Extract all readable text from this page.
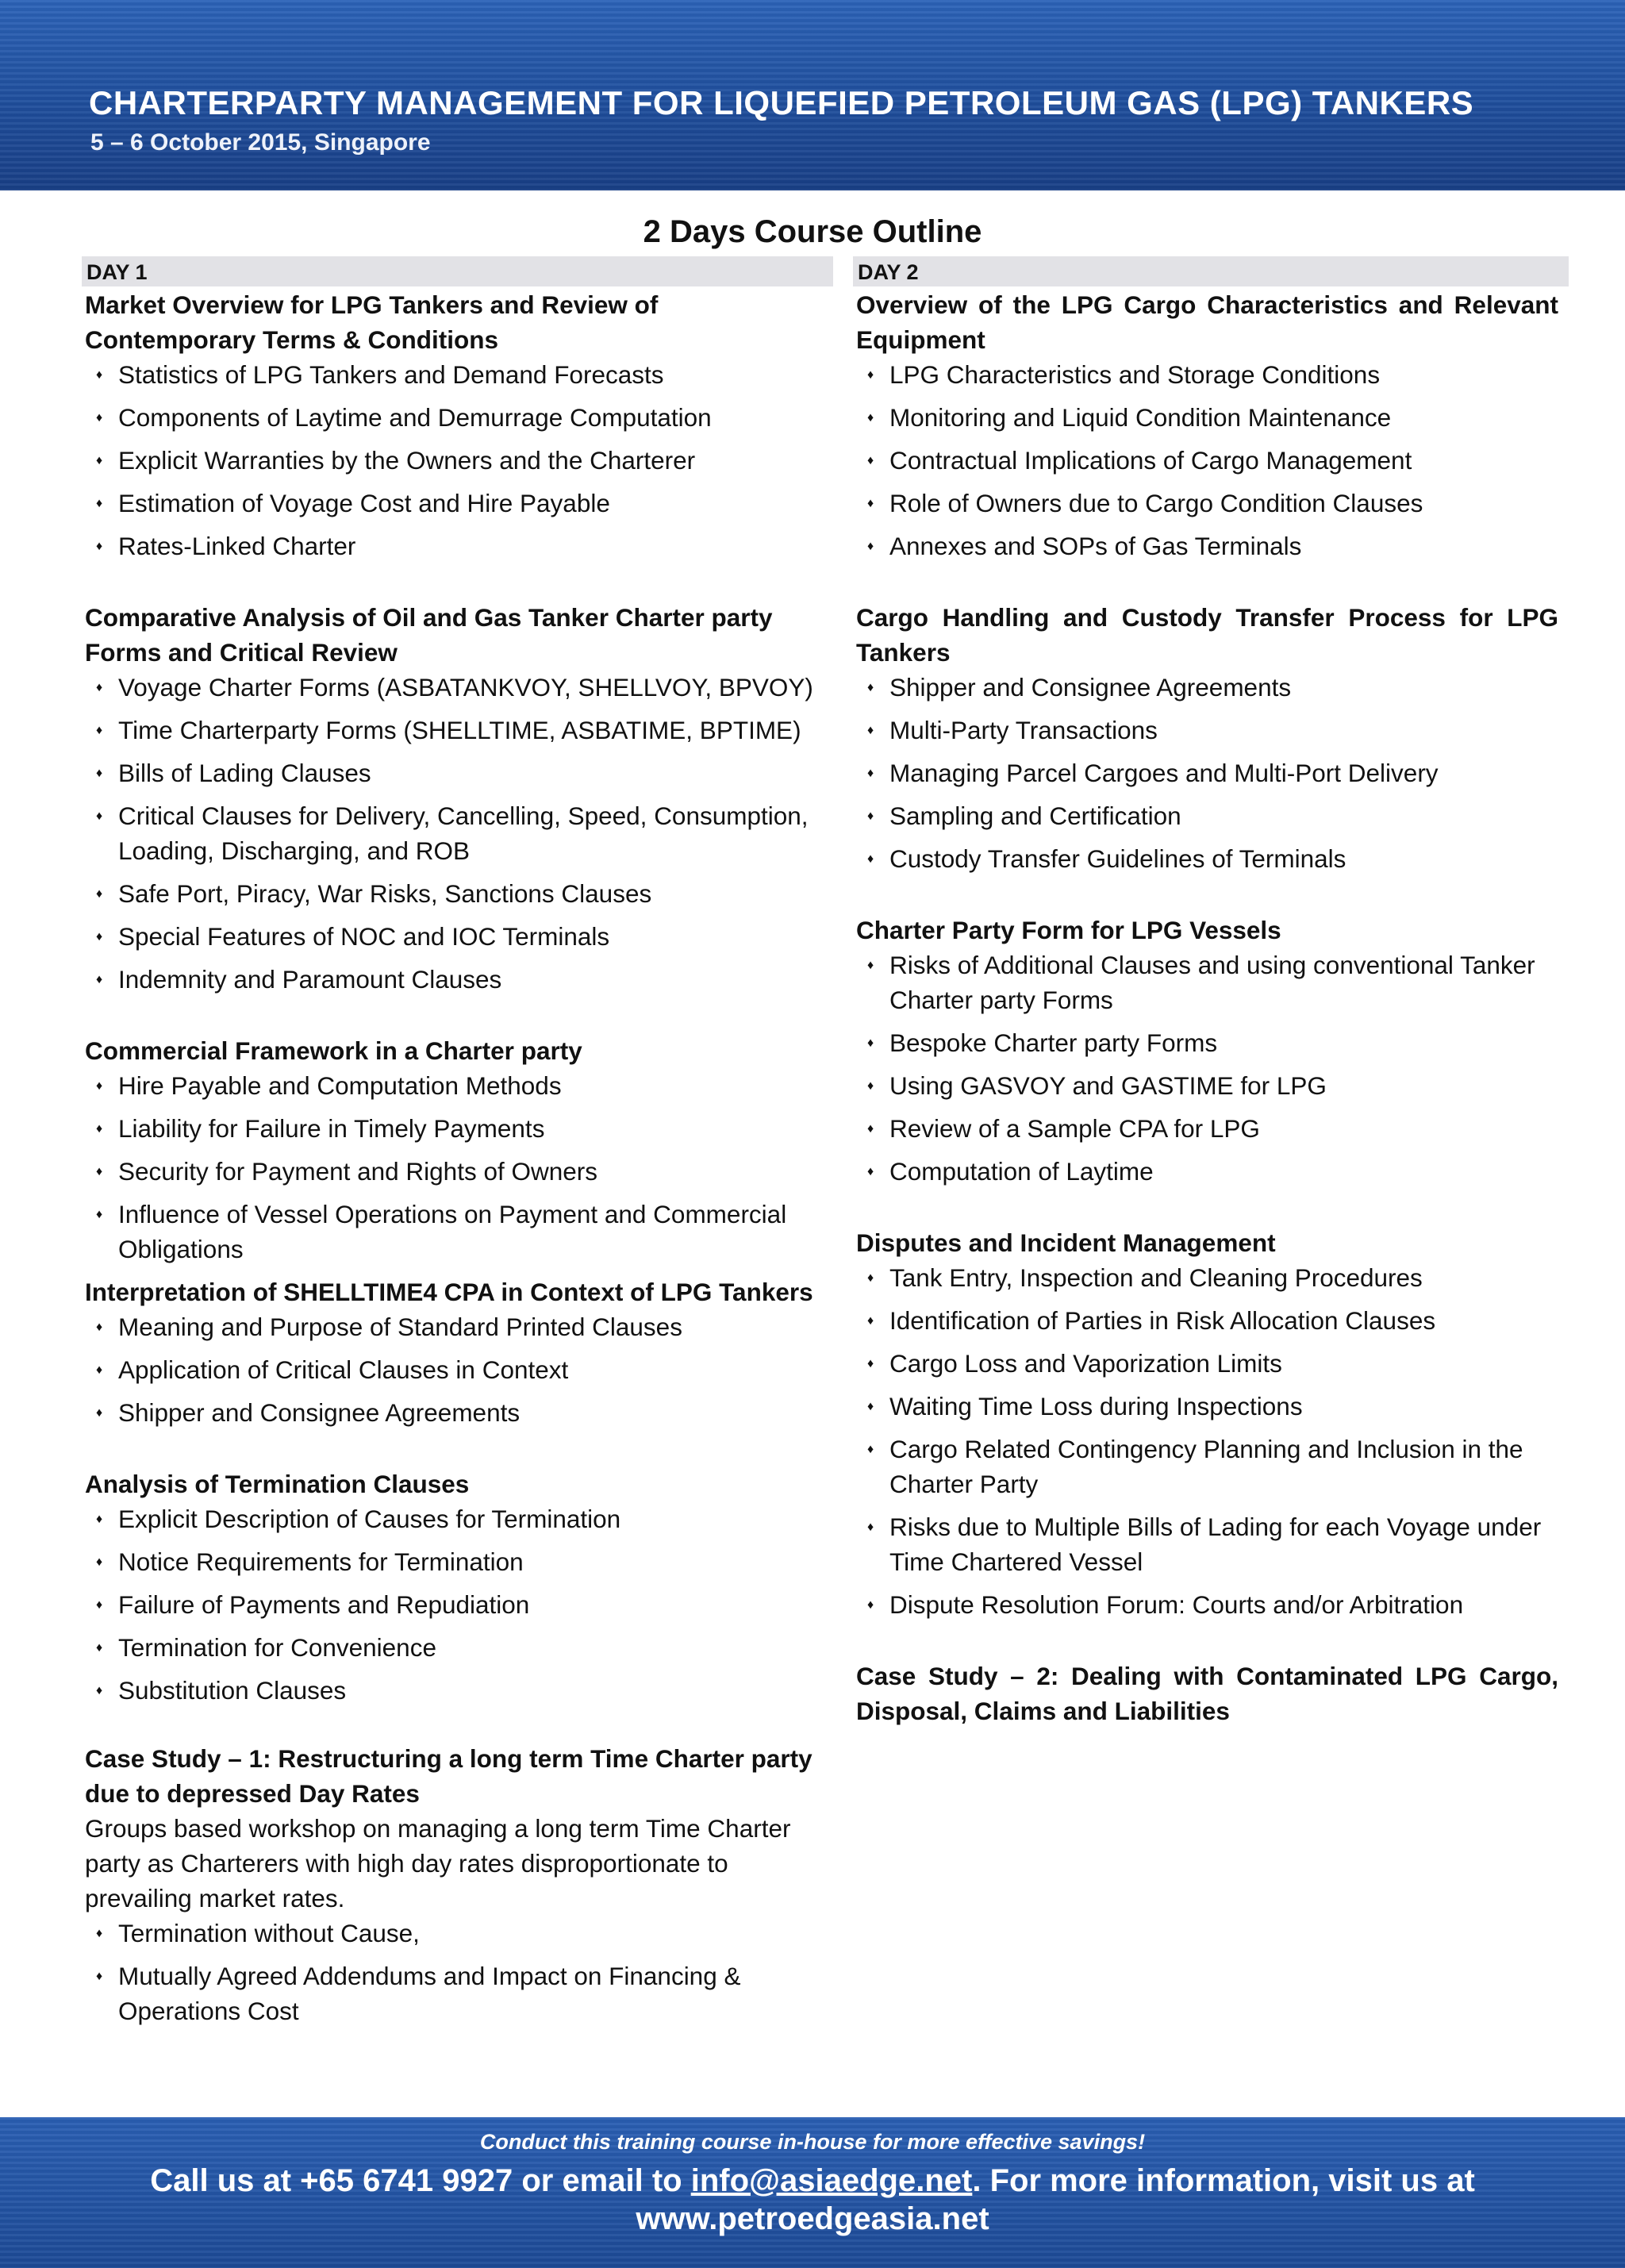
CHARTERPARTY MANAGEMENT FOR LIQUEFIED PETROLEUM GAS (LPG) TANKERS
5 – 6 October 2015, Singapore
2 Days Course Outline
DAY 1	DAY 2
Market Overview for LPG Tankers and Review of Contemporary Terms & Conditions
♦ Statistics of LPG Tankers and Demand Forecasts
♦ Components of Laytime and Demurrage Computation
♦ Explicit Warranties by the Owners and the Charterer
♦ Estimation of Voyage Cost and Hire Payable
♦ Rates-Linked Charter
Comparative Analysis of Oil and Gas Tanker Charter party Forms and Critical Review
♦ Voyage Charter Forms (ASBATANKVOY, SHELLVOY, BPVOY)
♦ Time Charterparty Forms (SHELLTIME, ASBATIME, BPTIME)
♦ Bills of Lading Clauses
♦ Critical Clauses for Delivery, Cancelling, Speed, Consumption, Loading, Discharging, and ROB
♦ Safe Port, Piracy, War Risks, Sanctions Clauses
♦ Special Features of NOC and IOC Terminals
♦ Indemnity and Paramount Clauses
Commercial Framework in a Charter party
♦ Hire Payable and Computation Methods
♦ Liability for Failure in Timely Payments
♦ Security for Payment and Rights of Owners
♦ Influence of Vessel Operations on Payment and Commercial Obligations
Interpretation of SHELLTIME4 CPA in Context of LPG Tankers
♦ Meaning and Purpose of Standard Printed Clauses
♦ Application of Critical Clauses in Context
♦ Shipper and Consignee Agreements
Analysis of Termination Clauses
♦ Explicit Description of Causes for Termination
♦ Notice Requirements for Termination
♦ Failure of Payments and Repudiation
♦ Termination for Convenience
♦ Substitution Clauses
Case Study – 1: Restructuring a long term Time Charter party due to depressed Day Rates

Groups based workshop on managing a long term Time Charter party as Charterers with high day rates disproportionate to prevailing market rates.

♦ Termination without Cause,
♦ Mutually Agreed Addendums and Impact on Financing & Operations Cost
Overview of the LPG Cargo Characteristics and Relevant Equipment
♦ LPG Characteristics and Storage Conditions
♦ Monitoring and Liquid Condition Maintenance
♦ Contractual Implications of Cargo Management
♦ Role of Owners due to Cargo Condition Clauses
♦ Annexes and SOPs of Gas Terminals
Cargo Handling and Custody Transfer Process for LPG Tankers
♦ Shipper and Consignee Agreements
♦ Multi-Party Transactions
♦ Managing Parcel Cargoes and Multi-Port Delivery
♦ Sampling and Certification
♦ Custody Transfer Guidelines of Terminals
Charter Party Form for LPG Vessels
♦ Risks of Additional Clauses and using conventional Tanker Charter party Forms
♦ Bespoke Charter party Forms
♦ Using GASVOY and GASTIME for LPG
♦ Review of a Sample CPA for LPG
♦ Computation of Laytime
Disputes and Incident Management
♦ Tank Entry, Inspection and Cleaning Procedures
♦ Identification of Parties in Risk Allocation Clauses
♦ Cargo Loss and Vaporization Limits
♦ Waiting Time Loss during Inspections
♦ Cargo Related Contingency Planning and Inclusion in the Charter Party
♦ Risks due to Multiple Bills of Lading for each Voyage under Time Chartered Vessel
♦ Dispute Resolution Forum: Courts and/or Arbitration
Case Study – 2: Dealing with Contaminated LPG Cargo, Disposal, Claims and Liabilities
Conduct this training course in-house for more effective savings!
Call us at +65 6741 9927 or email to info@asiaedge.net. For more information, visit us at
www.petroedgeasia.net
